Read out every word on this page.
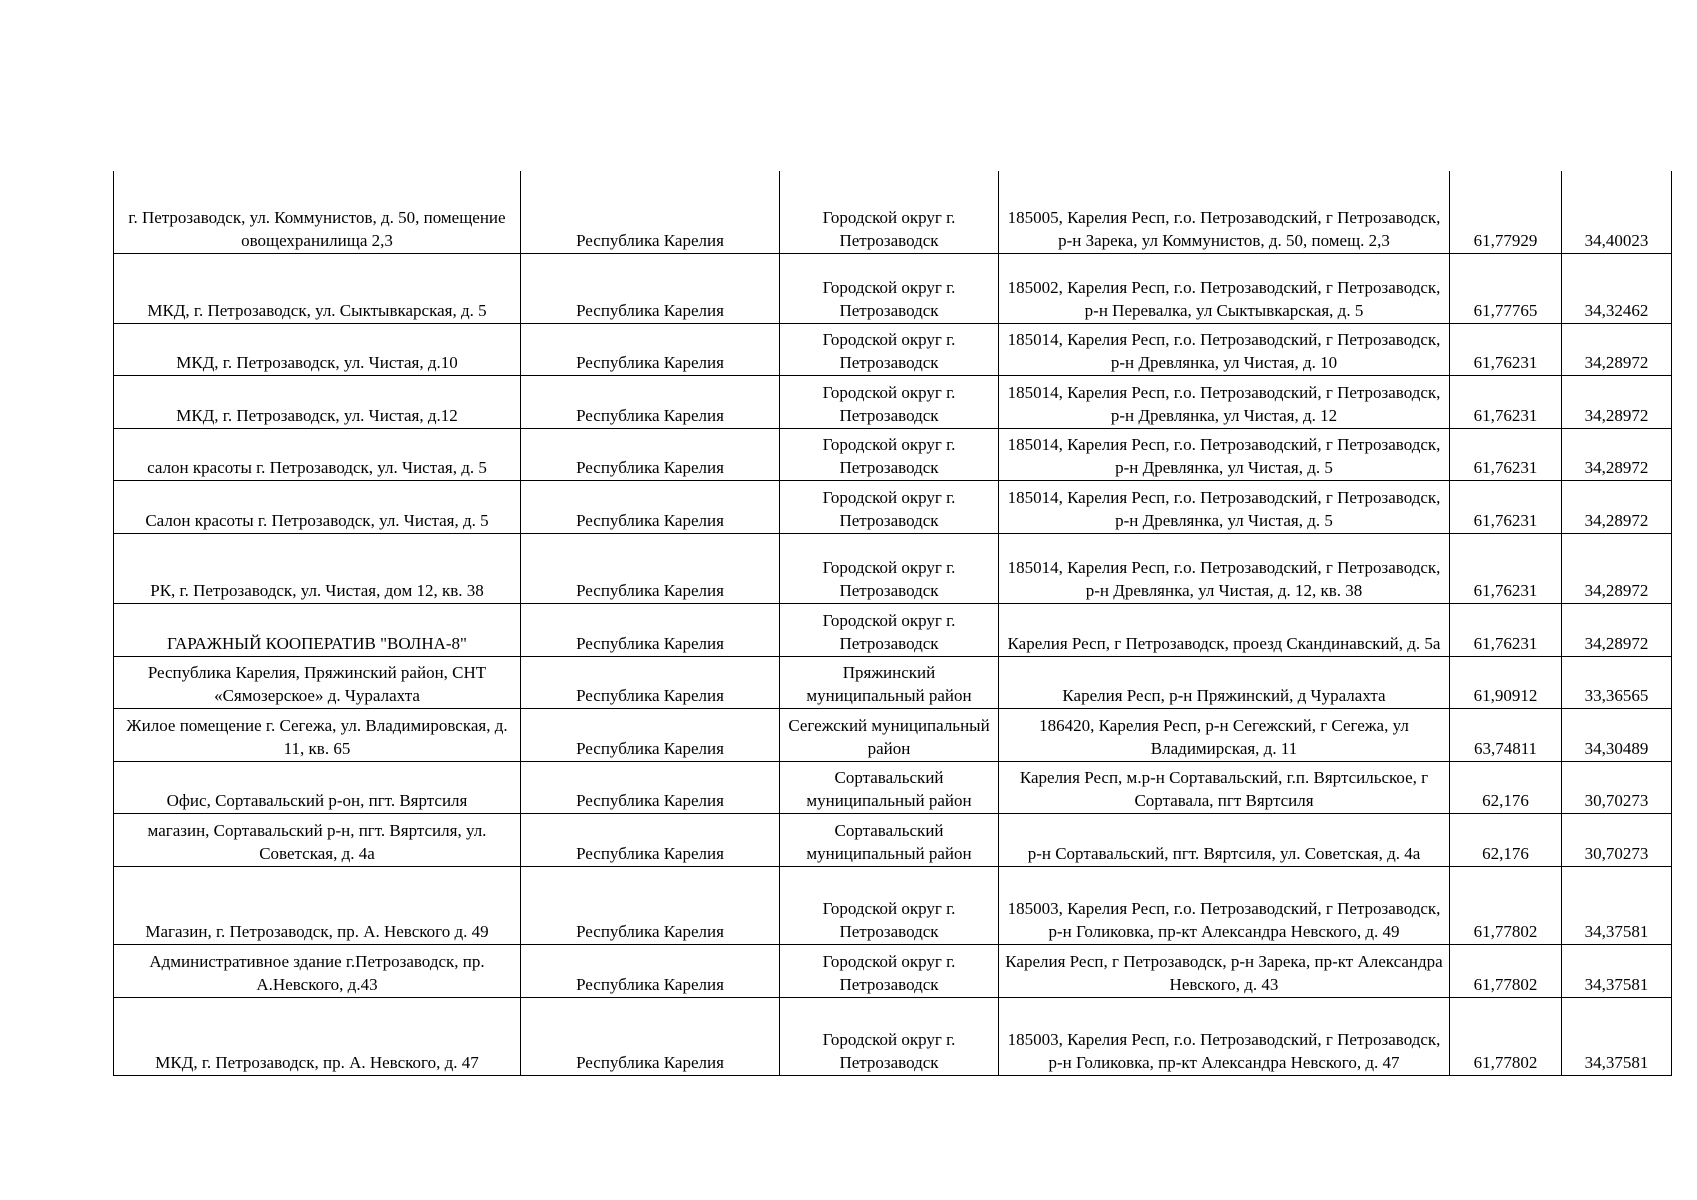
г. Петрозаводск, ул. Коммунистов, д. 50, помещение овощехранилища 2,3	Республика Карелия	Городской округ г. Петрозаводск	185005, Карелия Респ, г.о. Петрозаводский, г Петрозаводск, р-н Зарека, ул Коммунистов, д. 50, помещ. 2,3	61,77929	34,40023
МКД, г. Петрозаводск, ул. Сыктывкарская, д. 5	Республика Карелия	Городской округ г. Петрозаводск	185002, Карелия Респ, г.о. Петрозаводский, г Петрозаводск, р-н Перевалка, ул Сыктывкарская, д. 5	61,77765	34,32462
МКД, г. Петрозаводск, ул. Чистая, д.10	Республика Карелия	Городской округ г. Петрозаводск	185014, Карелия Респ, г.о. Петрозаводский, г Петрозаводск, р-н Древлянка, ул Чистая, д. 10	61,76231	34,28972
МКД, г. Петрозаводск, ул. Чистая, д.12	Республика Карелия	Городской округ г. Петрозаводск	185014, Карелия Респ, г.о. Петрозаводский, г Петрозаводск, р-н Древлянка, ул Чистая, д. 12	61,76231	34,28972
салон красоты г. Петрозаводск, ул. Чистая, д. 5	Республика Карелия	Городской округ г. Петрозаводск	185014, Карелия Респ, г.о. Петрозаводский, г Петрозаводск, р-н Древлянка, ул Чистая, д. 5	61,76231	34,28972
Салон красоты г. Петрозаводск, ул. Чистая, д. 5	Республика Карелия	Городской округ г. Петрозаводск	185014, Карелия Респ, г.о. Петрозаводский, г Петрозаводск, р-н Древлянка, ул Чистая, д. 5	61,76231	34,28972
РК, г. Петрозаводск, ул. Чистая, дом 12, кв. 38	Республика Карелия	Городской округ г. Петрозаводск	185014, Карелия Респ, г.о. Петрозаводский, г Петрозаводск, р-н Древлянка, ул Чистая, д. 12, кв. 38	61,76231	34,28972
ГАРАЖНЫЙ КООПЕРАТИВ "ВОЛНА-8"	Республика Карелия	Городской округ г. Петрозаводск	Карелия Респ, г Петрозаводск, проезд Скандинавский, д. 5а	61,76231	34,28972
Республика Карелия, Пряжинский район, СНТ «Сямозерское» д. Чуралахта	Республика Карелия	Пряжинский муниципальный район	Карелия Респ, р-н Пряжинский, д Чуралахта	61,90912	33,36565
Жилое помещение г. Сегежа, ул. Владимировская, д. 11, кв. 65	Республика Карелия	Сегежский муниципальный район	186420, Карелия Респ, р-н Сегежский, г Сегежа, ул Владимирская, д. 11	63,74811	34,30489
Офис, Сортавальский р-он, пгт. Вяртсиля	Республика Карелия	Сортавальский муниципальный район	Карелия Респ, м.р-н Сортавальский, г.п. Вяртсильское, г Сортавала, пгт Вяртсиля	62,176	30,70273
магазин, Сортавальский р-н, пгт. Вяртсиля, ул. Советская, д. 4а	Республика Карелия	Сортавальский муниципальный район	р-н Сортавальский, пгт. Вяртсиля, ул. Советская, д. 4а	62,176	30,70273
Магазин, г. Петрозаводск, пр. А. Невского д. 49	Республика Карелия	Городской округ г. Петрозаводск	185003, Карелия Респ, г.о. Петрозаводский, г Петрозаводск, р-н Голиковка, пр-кт Александра Невского, д. 49	61,77802	34,37581
Административное здание г.Петрозаводск, пр. А.Невского, д.43	Республика Карелия	Городской округ г. Петрозаводск	Карелия Респ, г Петрозаводск, р-н Зарека, пр-кт Александра Невского, д. 43	61,77802	34,37581
МКД, г. Петрозаводск, пр. А. Невского, д. 47	Республика Карелия	Городской округ г. Петрозаводск	185003, Карелия Респ, г.о. Петрозаводский, г Петрозаводск, р-н Голиковка, пр-кт Александра Невского, д. 47	61,77802	34,37581
